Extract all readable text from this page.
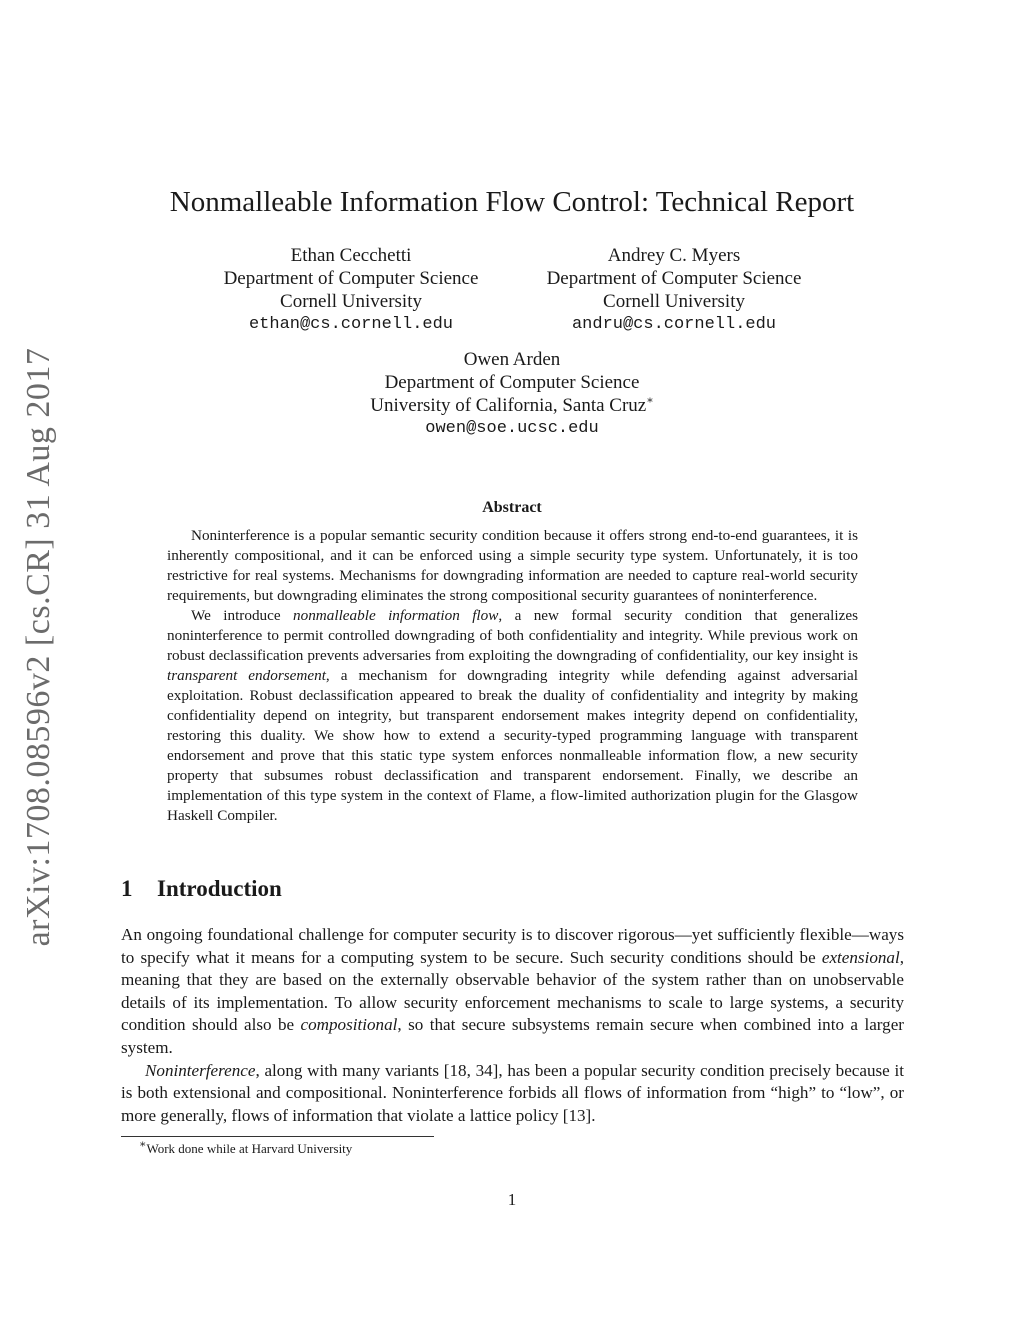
arXiv:1708.08596v2 [cs.CR] 31 Aug 2017
Nonmalleable Information Flow Control: Technical Report
Ethan Cecchetti
Department of Computer Science
Cornell University
ethan@cs.cornell.edu
Andrey C. Myers
Department of Computer Science
Cornell University
andru@cs.cornell.edu
Owen Arden
Department of Computer Science
University of California, Santa Cruz∗
owen@soe.ucsc.edu
Abstract

Noninterference is a popular semantic security condition because it offers strong end-to-end guarantees, it is inherently compositional, and it can be enforced using a simple security type system. Unfortunately, it is too restrictive for real systems. Mechanisms for downgrading information are needed to capture real-world security requirements, but downgrading eliminates the strong compositional security guarantees of noninterference.

We introduce nonmalleable information flow, a new formal security condition that generalizes noninterference to permit controlled downgrading of both confidentiality and integrity. While previous work on robust declassification prevents adversaries from exploiting the downgrading of confidentiality, our key insight is transparent endorsement, a mechanism for downgrading integrity while defending against adversarial exploitation. Robust declassification appeared to break the duality of confidentiality and integrity by making confidentiality depend on integrity, but transparent endorsement makes integrity depend on confidentiality, restoring this duality. We show how to extend a security-typed programming language with transparent endorsement and prove that this static type system enforces nonmalleable information flow, a new security property that subsumes robust declassification and transparent endorsement. Finally, we describe an implementation of this type system in the context of Flame, a flow-limited authorization plugin for the Glasgow Haskell Compiler.

1 Introduction

An ongoing foundational challenge for computer security is to discover rigorous—yet sufficiently flexible—ways to specify what it means for a computing system to be secure. Such security conditions should be extensional, meaning that they are based on the externally observable behavior of the system rather than on unobservable details of its implementation. To allow security enforcement mechanisms to scale to large systems, a security condition should also be compositional, so that secure subsystems remain secure when combined into a larger system.

Noninterference, along with many variants [18, 34], has been a popular security condition precisely because it is both extensional and compositional. Noninterference forbids all flows of information from “high” to “low”, or more generally, flows of information that violate a lattice policy [13].

∗Work done while at Harvard University
1
